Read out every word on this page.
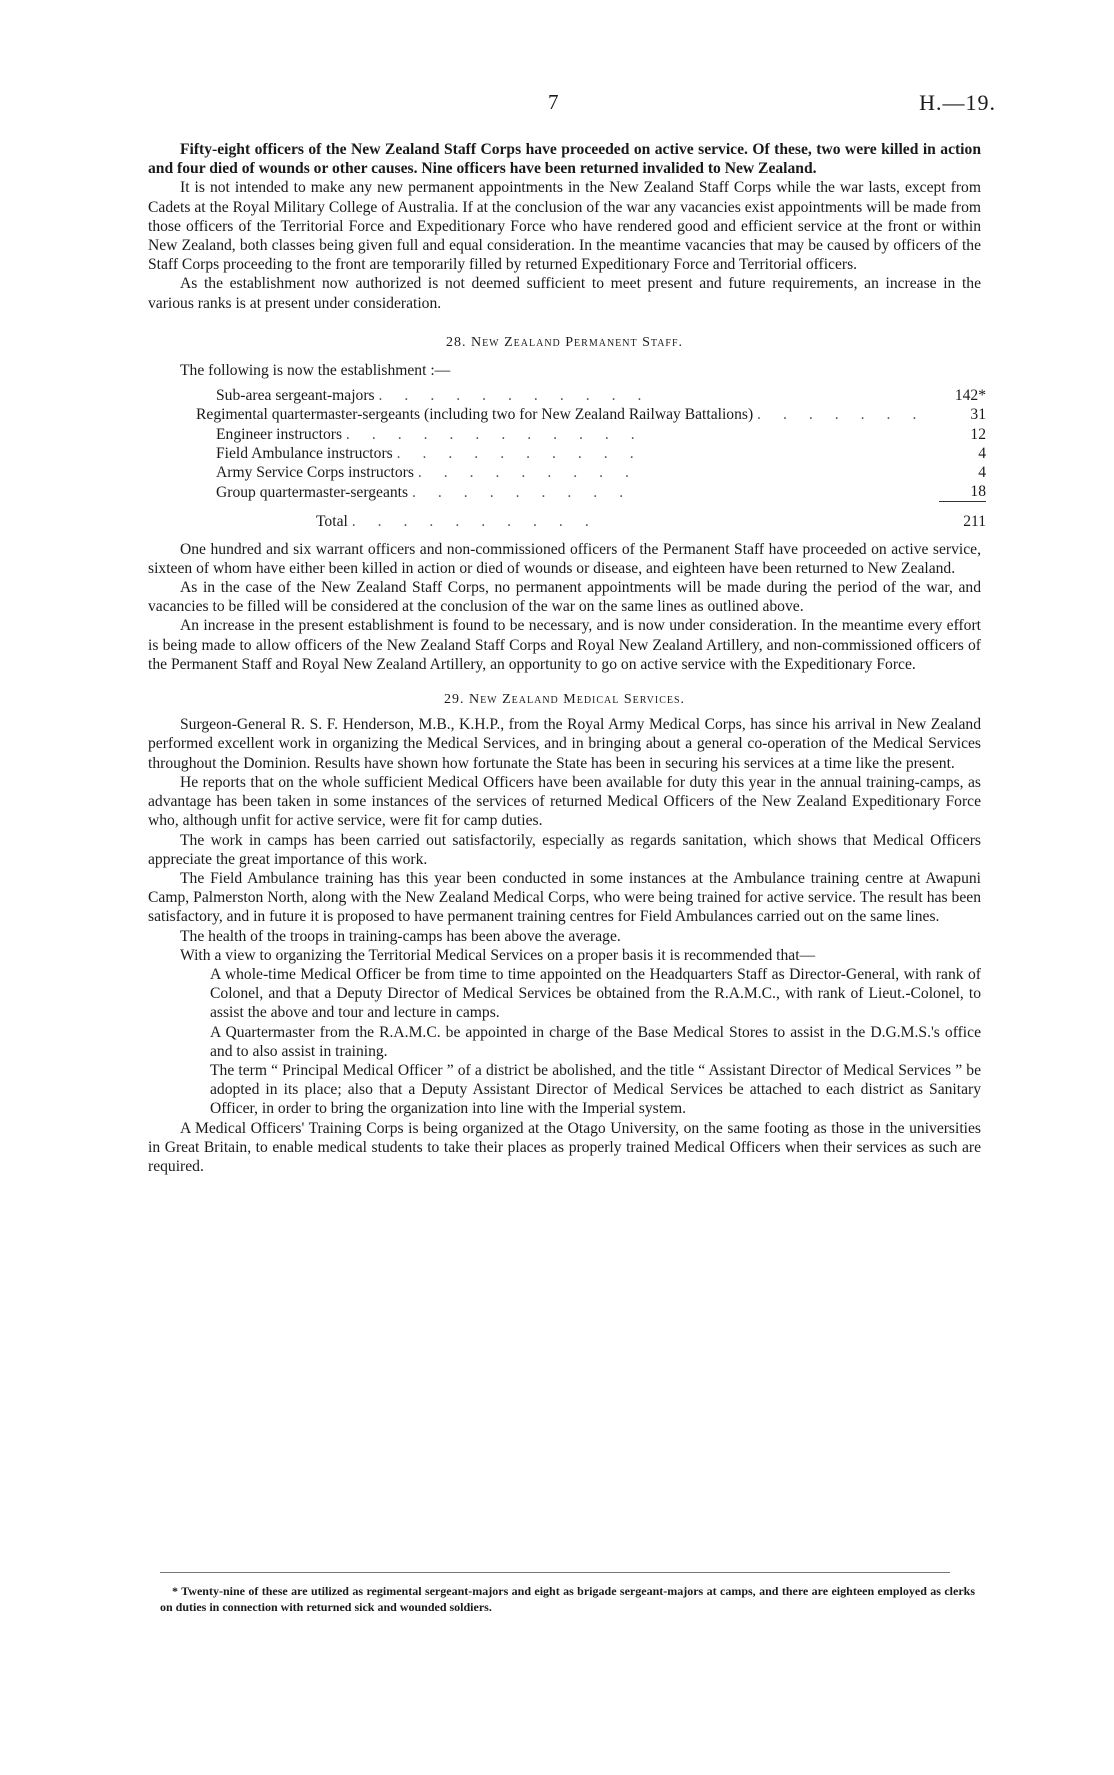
7	H.—19.

Fifty-eight officers of the New Zealand Staff Corps have proceeded on active service. Of these, two were killed in action and four died of wounds or other causes. Nine officers have been returned invalided to New Zealand.

It is not intended to make any new permanent appointments in the New Zealand Staff Corps while the war lasts, except from Cadets at the Royal Military College of Australia. If at the conclusion of the war any vacancies exist appointments will be made from those officers of the Territorial Force and Expeditionary Force who have rendered good and efficient service at the front or within New Zealand, both classes being given full and equal consideration. In the meantime vacancies that may be caused by officers of the Staff Corps proceeding to the front are temporarily filled by returned Expeditionary Force and Territorial officers.

As the establishment now authorized is not deemed sufficient to meet present and future requirements, an increase in the various ranks is at present under consideration.

28. New Zealand Permanent Staff.

The following is now the establishment :—

Sub-area sergeant-majors ...........	142*
Regimental quartermaster-sergeants (including two for New Zealand Railway Battalions) .......	31
Engineer instructors ............	12
Field Ambulance instructors ..........	4
Army Service Corps instructors .........	4
Group quartermaster-sergeants .........	18
Total ..........	211

One hundred and six warrant officers and non-commissioned officers of the Permanent Staff have proceeded on active service, sixteen of whom have either been killed in action or died of wounds or disease, and eighteen have been returned to New Zealand.

As in the case of the New Zealand Staff Corps, no permanent appointments will be made during the period of the war, and vacancies to be filled will be considered at the conclusion of the war on the same lines as outlined above.

An increase in the present establishment is found to be necessary, and is now under consideration. In the meantime every effort is being made to allow officers of the New Zealand Staff Corps and Royal New Zealand Artillery, and non-commissioned officers of the Permanent Staff and Royal New Zealand Artillery, an opportunity to go on active service with the Expeditionary Force.

29. New Zealand Medical Services.

Surgeon-General R. S. F. Henderson, M.B., K.H.P., from the Royal Army Medical Corps, has since his arrival in New Zealand performed excellent work in organizing the Medical Services, and in bringing about a general co-operation of the Medical Services throughout the Dominion. Results have shown how fortunate the State has been in securing his services at a time like the present.

He reports that on the whole sufficient Medical Officers have been available for duty this year in the annual training-camps, as advantage has been taken in some instances of the services of returned Medical Officers of the New Zealand Expeditionary Force who, although unfit for active service, were fit for camp duties.

The work in camps has been carried out satisfactorily, especially as regards sanitation, which shows that Medical Officers appreciate the great importance of this work.

The Field Ambulance training has this year been conducted in some instances at the Ambulance training centre at Awapuni Camp, Palmerston North, along with the New Zealand Medical Corps, who were being trained for active service. The result has been satisfactory, and in future it is proposed to have permanent training centres for Field Ambulances carried out on the same lines.

The health of the troops in training-camps has been above the average.

With a view to organizing the Territorial Medical Services on a proper basis it is recommended that—

A whole-time Medical Officer be from time to time appointed on the Headquarters Staff as Director-General, with rank of Colonel, and that a Deputy Director of Medical Services be obtained from the R.A.M.C., with rank of Lieut.-Colonel, to assist the above and tour and lecture in camps.

A Quartermaster from the R.A.M.C. be appointed in charge of the Base Medical Stores to assist in the D.G.M.S.'s office and to also assist in training.

The term “ Principal Medical Officer ” of a district be abolished, and the title “ Assistant Director of Medical Services ” be adopted in its place; also that a Deputy Assistant Director of Medical Services be attached to each district as Sanitary Officer, in order to bring the organization into line with the Imperial system.

A Medical Officers' Training Corps is being organized at the Otago University, on the same footing as those in the universities in Great Britain, to enable medical students to take their places as properly trained Medical Officers when their services as such are required.

* Twenty-nine of these are utilized as regimental sergeant-majors and eight as brigade sergeant-majors at camps, and there are eighteen employed as clerks on duties in connection with returned sick and wounded soldiers.
